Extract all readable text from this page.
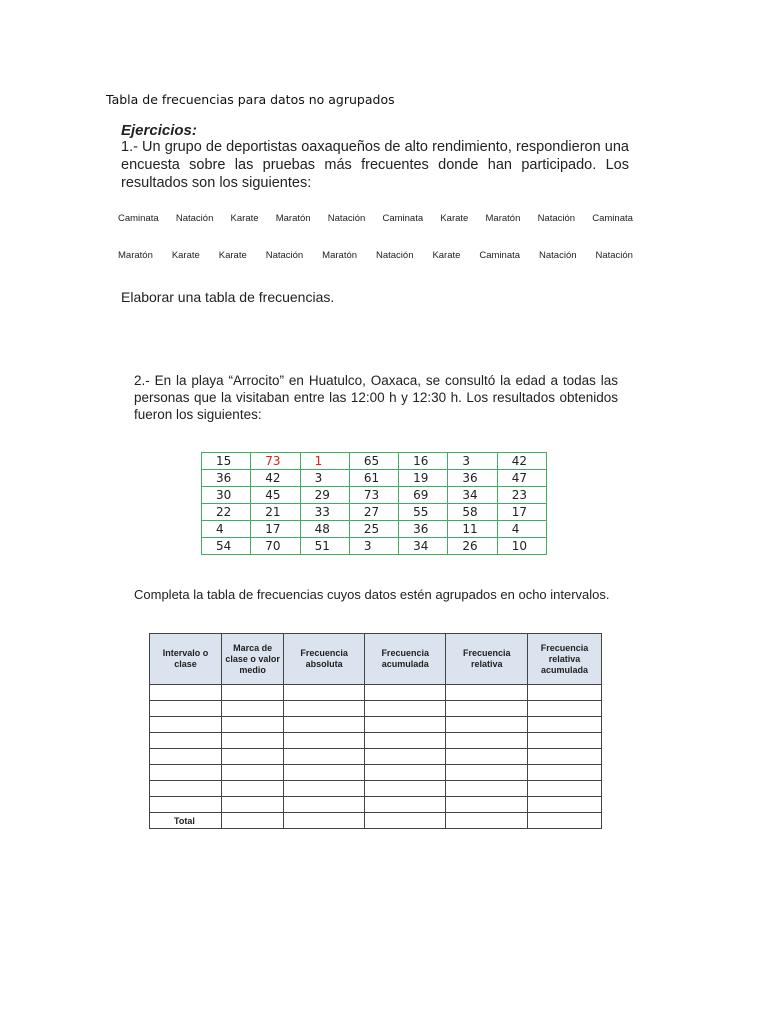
Tabla de frecuencias para datos no agrupados
Ejercicios:
1.- Un grupo de deportistas oaxaqueños de alto rendimiento, respondieron una encuesta sobre las pruebas más frecuentes donde han participado. Los resultados son los siguientes:
Caminata Natación Karate Maratón Natación Caminata Karate Maratón Natación Caminata
Maratón Karate Karate Natación Maratón Natación Karate Caminata Natación Natación
Elaborar una tabla de frecuencias.
2.- En la playa “Arrocito” en Huatulco, Oaxaca, se consultó la edad a todas las personas que la visitaban entre las 12:00 h y 12:30 h. Los resultados obtenidos fueron los siguientes:
15	73	1	65	16	3	42
36	42	3	61	19	36	47
30	45	29	73	69	34	23
22	21	33	27	55	58	17
4	17	48	25	36	11	4
54	70	51	3	34	26	10
Completa la tabla de frecuencias cuyos datos estén agrupados en ocho intervalos.
Intervalo o clase	Marca de clase o valor medio	Frecuencia absoluta	Frecuencia acumulada	Frecuencia relativa	Frecuencia relativa acumulada

Total					
